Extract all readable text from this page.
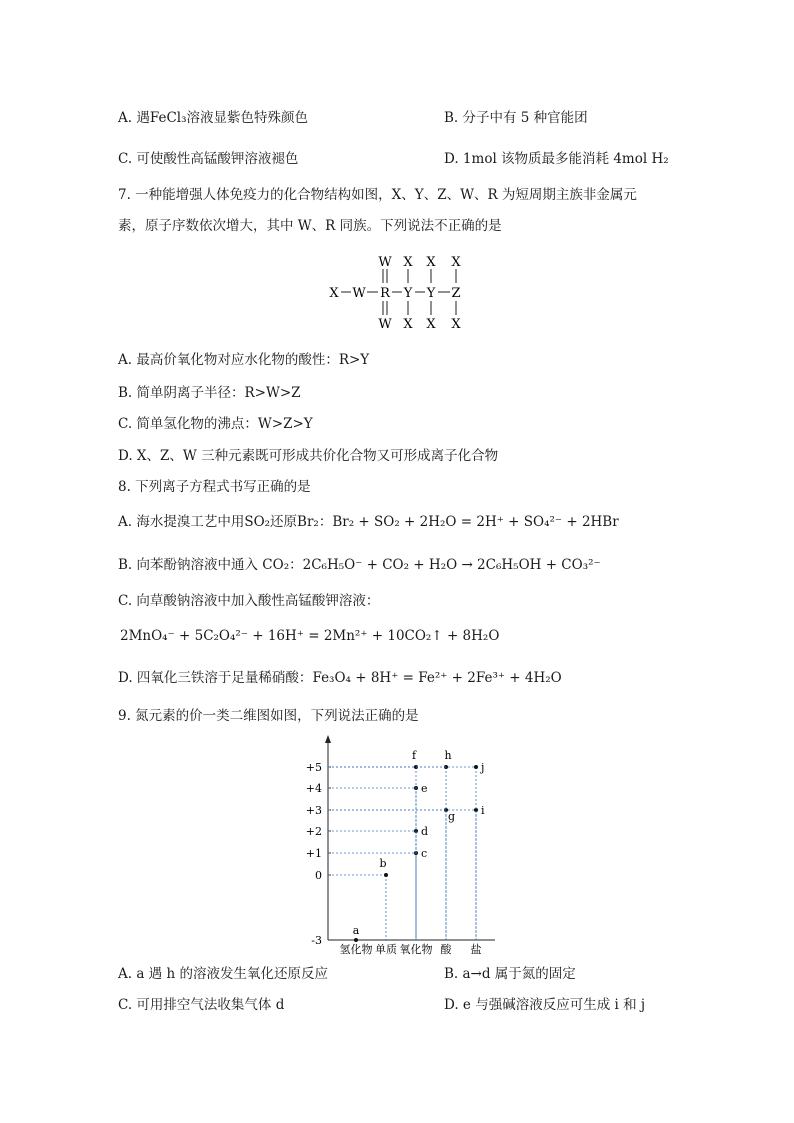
A. 遇FeCl₃溶液显紫色特殊颜色	B. 分子中有 5 种官能团
C. 可使酸性高锰酸钾溶液褪色	D. 1mol 该物质最多能消耗 4mol H₂
7. 一种能增强人体免疫力的化合物结构如图，X、Y、Z、W、R 为短周期主族非金属元
素，原子序数依次增大，其中 W、R 同族。下列说法不正确的是
W X X X
X W R Y Y Z
W X X X
A. 最高价氧化物对应水化物的酸性：R>Y
B. 简单阴离子半径：R>W>Z
C. 简单氢化物的沸点：W>Z>Y
D. X、Z、W 三种元素既可形成共价化合物又可形成离子化合物
8. 下列离子方程式书写正确的是
A. 海水提溴工艺中用SO₂还原Br₂：Br₂ + SO₂ + 2H₂O = 2H⁺ + SO₄²⁻ + 2HBr
B. 向苯酚钠溶液中通入 CO₂：2C₆H₅O⁻ + CO₂ + H₂O → 2C₆H₅OH + CO₃²⁻
C. 向草酸钠溶液中加入酸性高锰酸钾溶液：
2MnO₄⁻ + 5C₂O₄²⁻ + 16H⁺ = 2Mn²⁺ + 10CO₂↑ + 8H₂O
D. 四氧化三铁溶于足量稀硝酸：Fe₃O₄ + 8H⁺ = Fe²⁺ + 2Fe³⁺ + 4H₂O
9. 氮元素的价一类二维图如图，下列说法正确的是
+5
+4
+3
+2
+1
0
-3
氢化物 单质 氧化物 酸 盐
a
b
c
d
g i
e
f	h
j
A. a 遇 h 的溶液发生氧化还原反应	B. a→d 属于氮的固定
C. 可用排空气法收集气体 d	D. e 与强碱溶液反应可生成 i 和 j
